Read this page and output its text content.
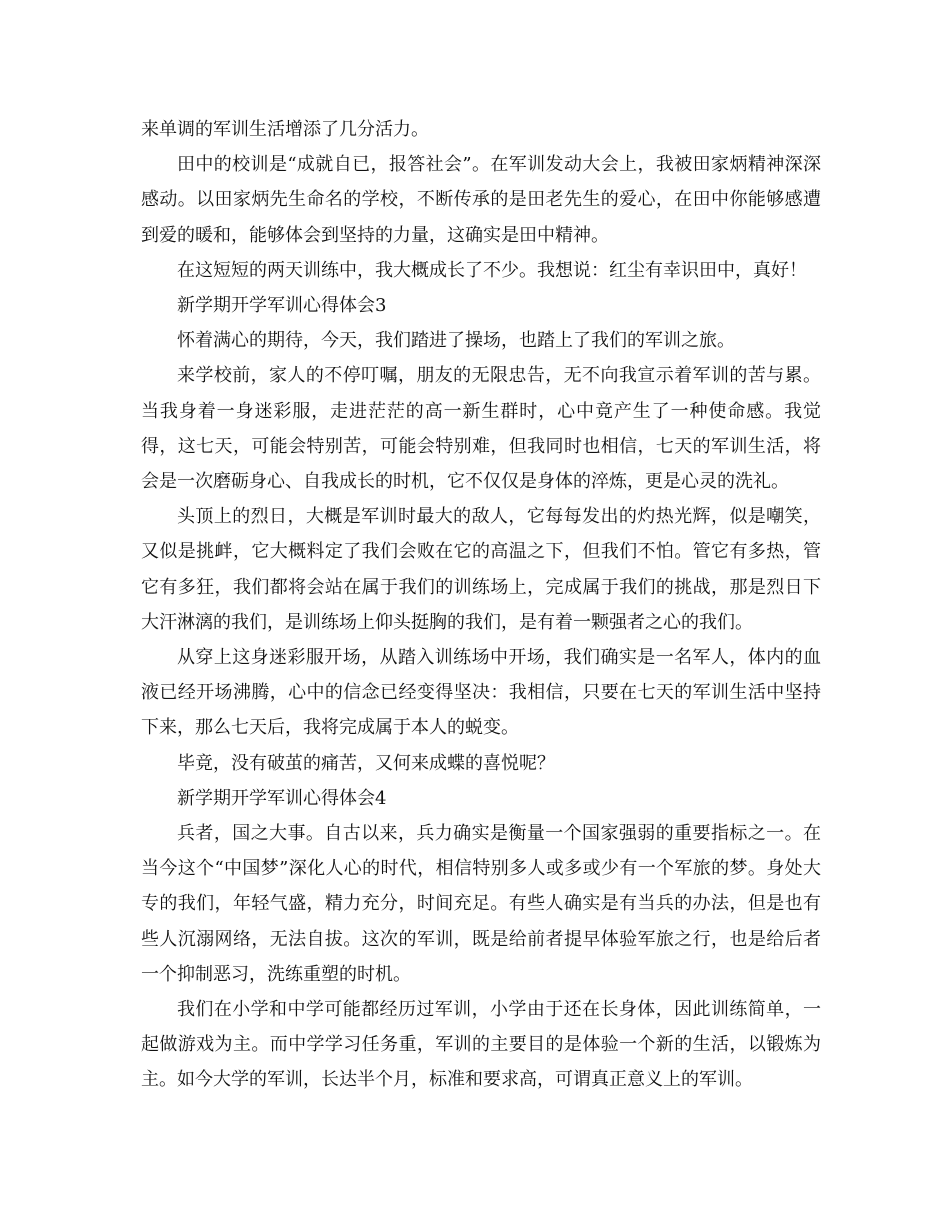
来单调的军训生活增添了几分活力。

田中的校训是“成就自已，报答社会”。在军训发动大会上，我被田家炳精神深深感动。以田家炳先生命名的学校，不断传承的是田老先生的爱心，在田中你能够感遭到爱的暖和，能够体会到坚持的力量，这确实是田中精神。

在这短短的两天训练中，我大概成长了不少。我想说：红尘有幸识田中，真好！

新学期开学军训心得体会3

怀着满心的期待，今天，我们踏进了操场，也踏上了我们的军训之旅。

来学校前，家人的不停叮嘱，朋友的无限忠告，无不向我宣示着军训的苦与累。当我身着一身迷彩服，走进茫茫的高一新生群时，心中竟产生了一种使命感。我觉得，这七天，可能会特别苦，可能会特别难，但我同时也相信，七天的军训生活，将会是一次磨砺身心、自我成长的时机，它不仅仅是身体的淬炼，更是心灵的洗礼。

头顶上的烈日，大概是军训时最大的敌人，它每每发出的灼热光辉，似是嘲笑，又似是挑衅，它大概料定了我们会败在它的高温之下，但我们不怕。管它有多热，管它有多狂，我们都将会站在属于我们的训练场上，完成属于我们的挑战，那是烈日下大汗淋漓的我们，是训练场上仰头挺胸的我们，是有着一颗强者之心的我们。

从穿上这身迷彩服开场，从踏入训练场中开场，我们确实是一名军人，体内的血液已经开场沸腾，心中的信念已经变得坚决：我相信，只要在七天的军训生活中坚持下来，那么七天后，我将完成属于本人的蜕变。

毕竟，没有破茧的痛苦，又何来成蝶的喜悦呢？

新学期开学军训心得体会4

兵者，国之大事。自古以来，兵力确实是衡量一个国家强弱的重要指标之一。在当今这个“中国梦”深化人心的时代，相信特别多人或多或少有一个军旅的梦。身处大专的我们，年轻气盛，精力充分，时间充足。有些人确实是有当兵的办法，但是也有些人沉溺网络，无法自拔。这次的军训，既是给前者提早体验军旅之行，也是给后者一个抑制恶习，洗练重塑的时机。

我们在小学和中学可能都经历过军训，小学由于还在长身体，因此训练简单，一起做游戏为主。而中学学习任务重，军训的主要目的是体验一个新的生活，以锻炼为主。如今大学的军训，长达半个月，标准和要求高，可谓真正意义上的军训。
